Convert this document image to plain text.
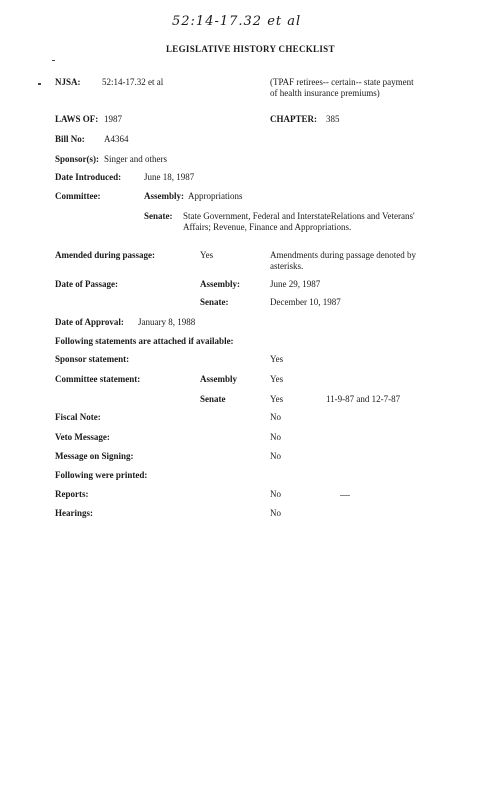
52:14-17.32 et al
LEGISLATIVE HISTORY CHECKLIST
NJSA: 52:14-17.32 et al	(TPAF retirees-- certain-- state payment of health insurance premiums)
LAWS OF: 1987	CHAPTER: 385
Bill No: A4364
Sponsor(s): Singer and others
Date Introduced:	June 18, 1987
Committee:	Assembly: Appropriations
Senate: State Government, Federal and InterstateRelations and Veterans' Affairs; Revenue, Finance and Appropriations.
Amended during passage:	Yes	Amendments during passage denoted by asterisks.
Date of Passage:	Assembly:	June 29, 1987
Senate:	December 10, 1987
Date of Approval: January 8, 1988
Following statements are attached if available:
Sponsor statement:	Yes
Committee statement:	Assembly	Yes
Senate	Yes	11-9-87 and 12-7-87
Fiscal Note:	No
Veto Message:	No
Message on Signing:	No
Following were printed:
Reports:	No
Hearings:	No
